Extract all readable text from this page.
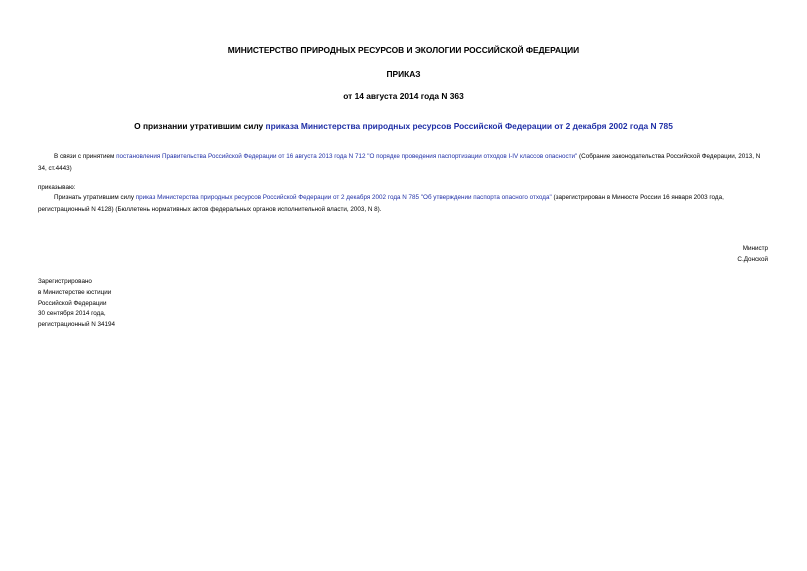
МИНИСТЕРСТВО ПРИРОДНЫХ РЕСУРСОВ И ЭКОЛОГИИ РОССИЙСКОЙ ФЕДЕРАЦИИ
ПРИКАЗ
от 14 августа 2014 года N 363
О признании утратившим силу приказа Министерства природных ресурсов Российской Федерации от 2 декабря 2002 года N 785
В связи с принятием постановления Правительства Российской Федерации от 16 августа 2013 года N 712 "О порядке проведения паспортизации отходов I-IV классов опасности" (Собрание законодательства Российской Федерации, 2013, N 34, ст.4443)
приказываю:
Признать утратившим силу приказ Министерства природных ресурсов Российской Федерации от 2 декабря 2002 года N 785 "Об утверждении паспорта опасного отхода" (зарегистрирован в Минюсте России 16 января 2003 года, регистрационный N 4128) (Бюллетень нормативных актов федеральных органов исполнительной власти, 2003, N 8).
Министр
С.Донской
Зарегистрировано
в Министерстве юстиции
Российской Федерации
30 сентября 2014 года,
регистрационный N 34194
